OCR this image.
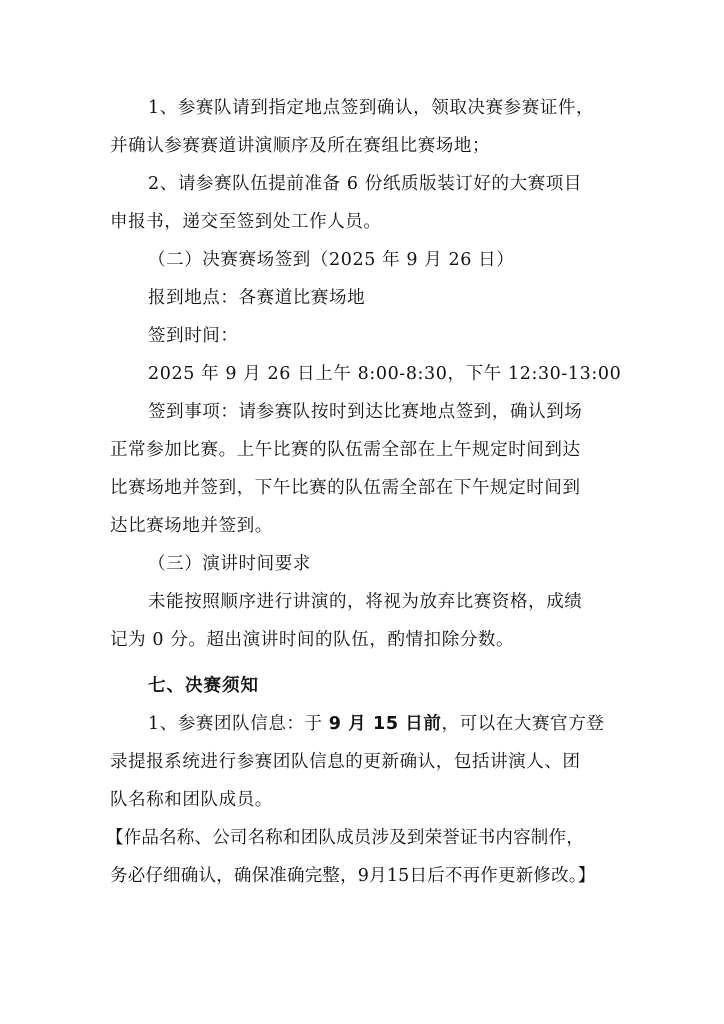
1、参赛队请到指定地点签到确认，领取决赛参赛证件，
并确认参赛赛道讲演顺序及所在赛组比赛场地；
2、请参赛队伍提前准备 6 份纸质版装订好的大赛项目
申报书，递交至签到处工作人员。
（二）决赛赛场签到（2025 年 9 月 26 日）
报到地点：各赛道比赛场地
签到时间：
2025 年 9 月 26 日上午 8:00-8:30，下午 12:30-13:00
签到事项：请参赛队按时到达比赛地点签到，确认到场
正常参加比赛。上午比赛的队伍需全部在上午规定时间到达
比赛场地并签到，下午比赛的队伍需全部在下午规定时间到
达比赛场地并签到。
（三）演讲时间要求
未能按照顺序进行讲演的，将视为放弃比赛资格，成绩
记为 0 分。超出演讲时间的队伍，酌情扣除分数。
七、决赛须知
1、参赛团队信息：于 9 月 15 日前，可以在大赛官方登
录提报系统进行参赛团队信息的更新确认，包括讲演人、团
队名称和团队成员。
【作品名称、公司名称和团队成员涉及到荣誉证书内容制作，
务必仔细确认，确保准确完整，9月15日后不再作更新修改。】
